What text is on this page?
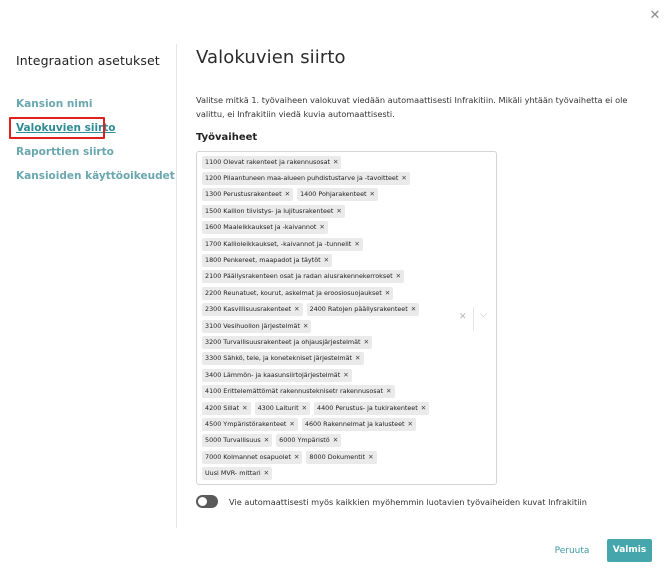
✕
Integraation asetukset
Kansion nimi
Valokuvien siirto
Raporttien siirto
Kansioiden käyttöoikeudet
Valokuvien siirto
Valitse mitkä 1. työvaiheen valokuvat viedään automaattisesti Infrakitiin. Mikäli yhtään työvaihetta ei ole valittu, ei Infrakitiin viedä kuvia automaattisesti.
Työvaiheet
1100 Olevat rakenteet ja rakennusosat ✕
1200 Pilaantuneen maa-alueen puhdistustarve ja -tavoitteet ✕
1300 Perustusrakenteet ✕ 1400 Pohjarakenteet ✕
1500 Kallion tiivistys- ja lujitusrakenteet ✕
1600 Maaleikkaukset ja -kaivannot ✕
1700 Kallioleikkaukset, -kaivannot ja -tunnelit ✕
1800 Penkereet, maapadot ja täytöt ✕
2100 Päällysrakenteen osat ja radan alusrakennekerrokset ✕
2200 Reunatuet, kourut, askelmat ja eroosiosuojaukset ✕
2300 Kasvillisuusrakenteet ✕ 2400 Ratojen päällysrakenteet ✕
3100 Vesihuollon järjestelmät ✕
3200 Turvallisuusrakenteet ja ohjausjärjestelmät ✕
3300 Sähkö, tele, ja konetekniset järjestelmät ✕
3400 Lämmön- ja kaasunsiirtojärjestelmät ✕
4100 Erittelemättömät rakennusteknisetr rakennusosat ✕
4200 Sillat ✕ 4300 Laiturit ✕ 4400 Perustus- ja tukirakenteet ✕
4500 Ympäristörakenteet ✕ 4600 Rakennelmat ja kalusteet ✕
5000 Turvallisuus ✕ 6000 Ympäristö ✕
7000 Kolmannet osapuolet ✕ 8000 Dokumentit ✕
Uusi MVR- mittari ✕
✕ ⌵
Vie automaattisesti myös kaikkien myöhemmin luotavien työvaiheiden kuvat Infrakitiin
Peruuta	Valmis
